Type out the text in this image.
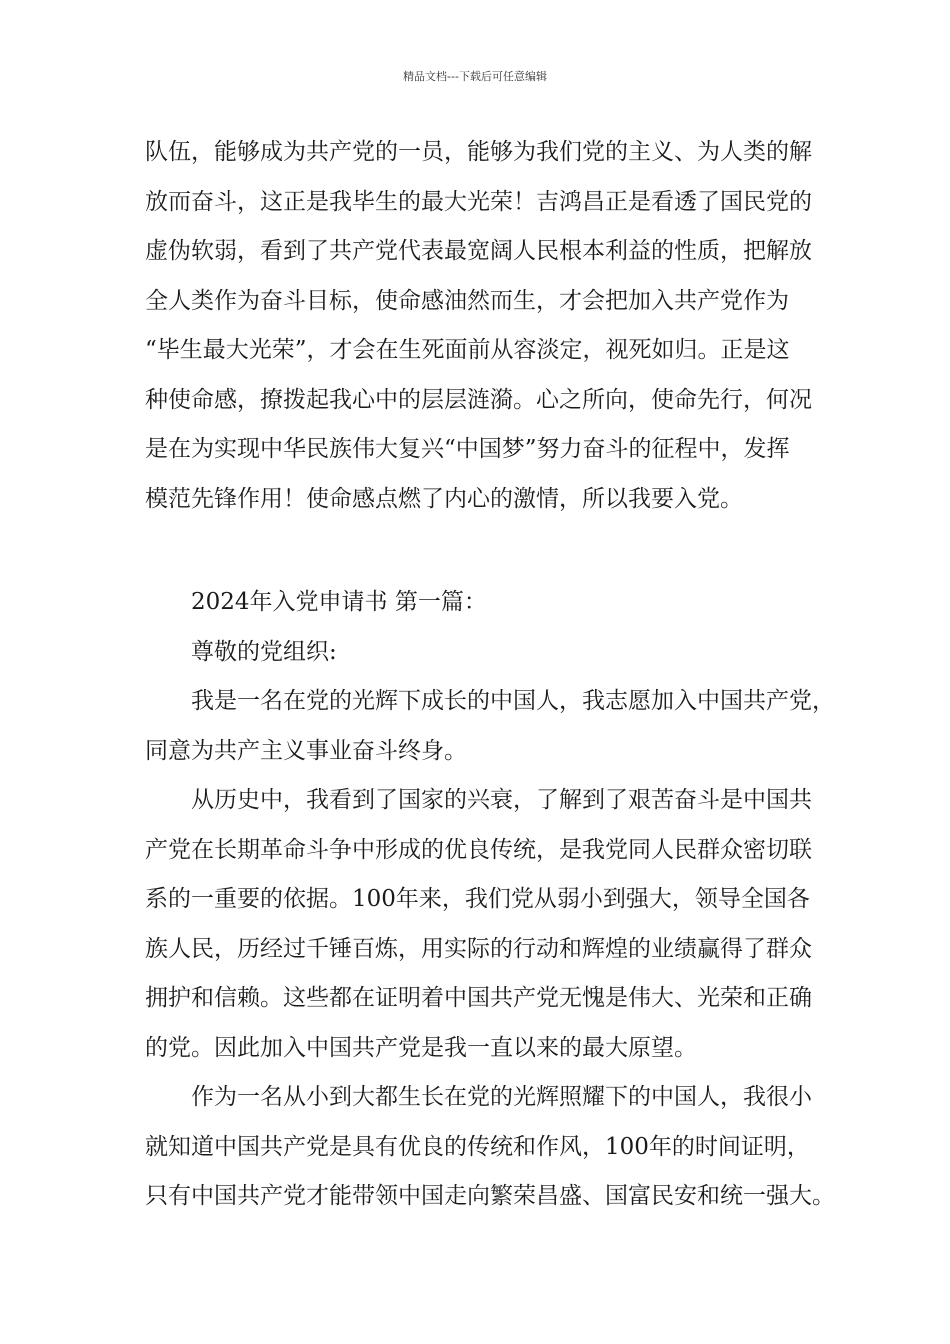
精品文档---下载后可任意编辑
队伍，能够成为共产党的一员，能够为我们党的主义、为人类的解
放而奋斗，这正是我毕生的最大光荣！吉鸿昌正是看透了国民党的
虚伪软弱，看到了共产党代表最宽阔人民根本利益的性质，把解放
全人类作为奋斗目标，使命感油然而生，才会把加入共产党作为
“毕生最大光荣”，才会在生死面前从容淡定，视死如归。正是这
种使命感，撩拨起我心中的层层涟漪。心之所向，使命先行，何况
是在为实现中华民族伟大复兴“中国梦”努力奋斗的征程中，发挥
模范先锋作用！使命感点燃了内心的激情，所以我要入党。
2024年入党申请书 第一篇：
尊敬的党组织:
我是一名在党的光辉下成长的中国人，我志愿加入中国共产党，
同意为共产主义事业奋斗终身。
从历史中，我看到了国家的兴衰，了解到了艰苦奋斗是中国共
产党在长期革命斗争中形成的优良传统，是我党同人民群众密切联
系的一重要的依据。100年来，我们党从弱小到强大，领导全国各
族人民，历经过千锤百炼，用实际的行动和辉煌的业绩赢得了群众
拥护和信赖。这些都在证明着中国共产党无愧是伟大、光荣和正确
的党。因此加入中国共产党是我一直以来的最大原望。
作为一名从小到大都生长在党的光辉照耀下的中国人，我很小
就知道中国共产党是具有优良的传统和作风，100年的时间证明，
只有中国共产党才能带领中国走向繁荣昌盛、国富民安和统一强大。
